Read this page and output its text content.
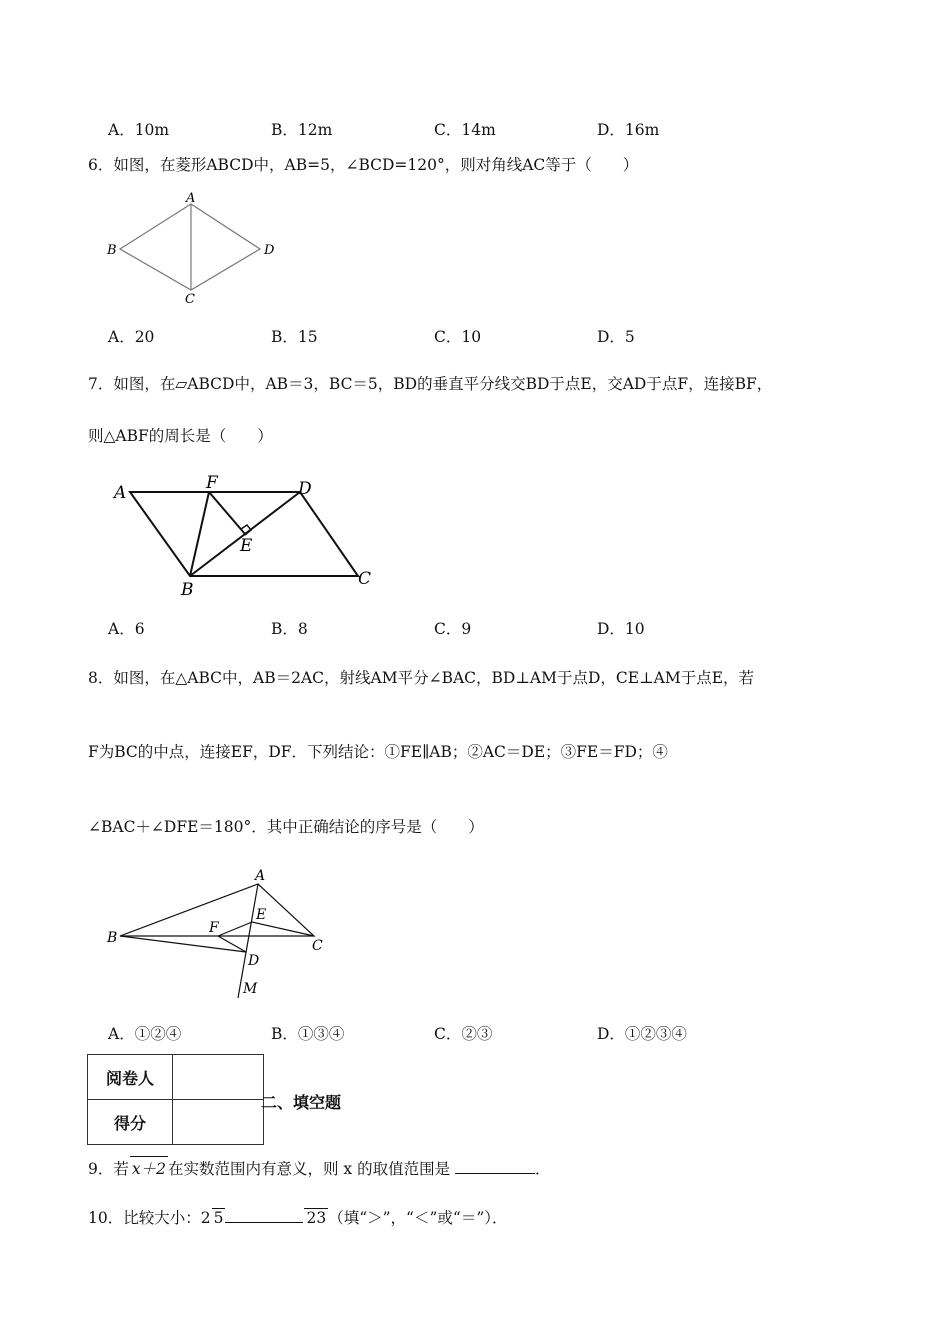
A．10m	B．12m	C．14m	D．16m
6．如图，在菱形ABCD中，AB=5，∠BCD=120°，则对角线AC等于（　　）
A
B
C
D
A．20	B．15	C．10	D．5
7．如图，在▱ABCD中，AB＝3，BC＝5，BD的垂直平分线交BD于点E，交AD于点F，连接BF，
则△ABF的周长是（　　）
A	F	D
E
B
C
A．6	B．8	C．9	D．10
8．如图，在△ABC中，AB＝2AC，射线AM平分∠BAC，BD⊥AM于点D，CE⊥AM于点E，若
F为BC的中点，连接EF，DF．下列结论：①FE∥AB；②AC＝DE；③FE＝FD；④
∠BAC＋∠DFE＝180°．其中正确结论的序号是（　　）
A
E
F
B	C
D
M
A．①②④	B．①③④	C．②③	D．①②③④
阅卷人	
得分	
二、填空题
9．若 x＋2 在实数范围内有意义，则 x 的取值范围是	．
10．比较大小：2 5	23 （填“＞”，“＜”或“＝”）．
